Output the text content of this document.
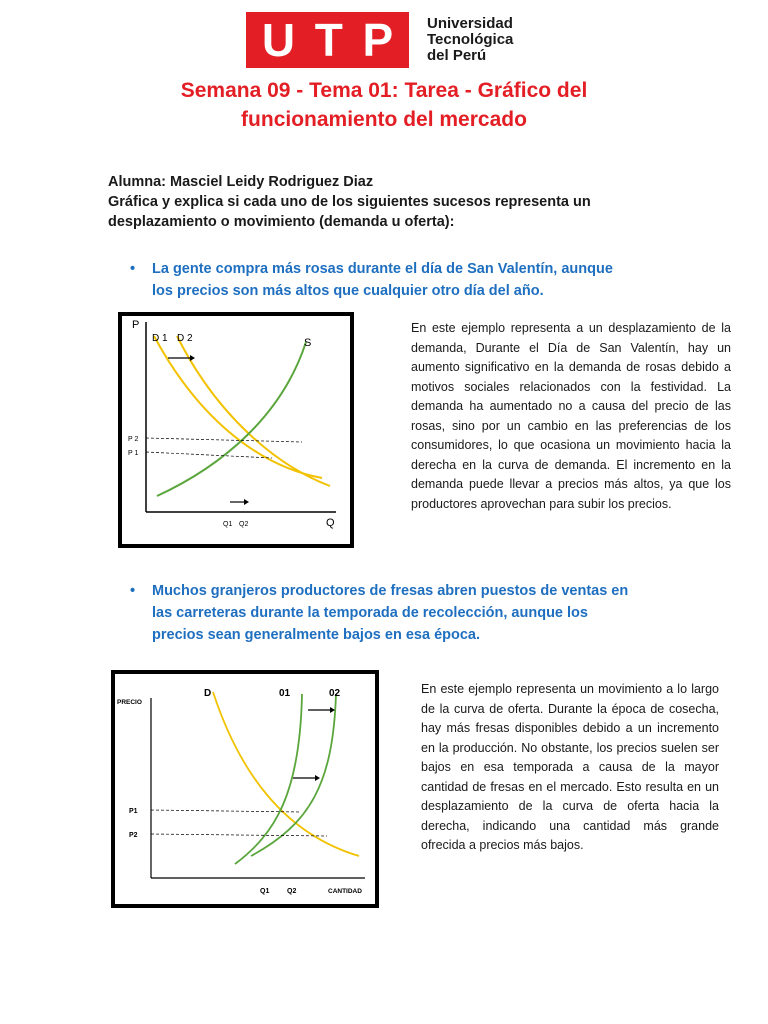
U T P Universidad
Tecnológica
del Perú
Semana 09 - Tema 01: Tarea - Gráfico del
funcionamiento del mercado
Alumna: Masciel Leidy Rodriguez Diaz
Gráfica y explica si cada uno de los siguientes sucesos representa un desplazamiento o movimiento (demanda u oferta):
• La gente compra más rosas durante el día de San Valentín, aunque
los precios son más altos que cualquier otro día del año.
P
Q
D 1 D 2	S
P 2
P 1
Q1 Q2
En este ejemplo representa a un desplazamiento de la demanda, Durante el Día de San Valentín, hay un aumento significativo en la demanda de rosas debido a motivos sociales relacionados con la festividad. La demanda ha aumentado no a causa del precio de las rosas, sino por un cambio en las preferencias de los consumidores, lo que ocasiona un movimiento hacia la derecha en la curva de demanda. El incremento en la demanda puede llevar a precios más altos, ya que los productores aprovechan para subir los precios.
• Muchos granjeros productores de fresas abren puestos de ventas en
las carreteras durante la temporada de recolección, aunque los
precios sean generalmente bajos en esa época.
PRECIO
CANTIDAD
D	01	02
P1
P2
Q1	Q2
En este ejemplo representa un movimiento a lo largo de la curva de oferta. Durante la época de cosecha, hay más fresas disponibles debido a un incremento en la producción. No obstante, los precios suelen ser bajos en esa temporada a causa de la mayor cantidad de fresas en el mercado. Esto resulta en un desplazamiento de la curva de oferta hacia la derecha, indicando una cantidad más grande ofrecida a precios más bajos.
